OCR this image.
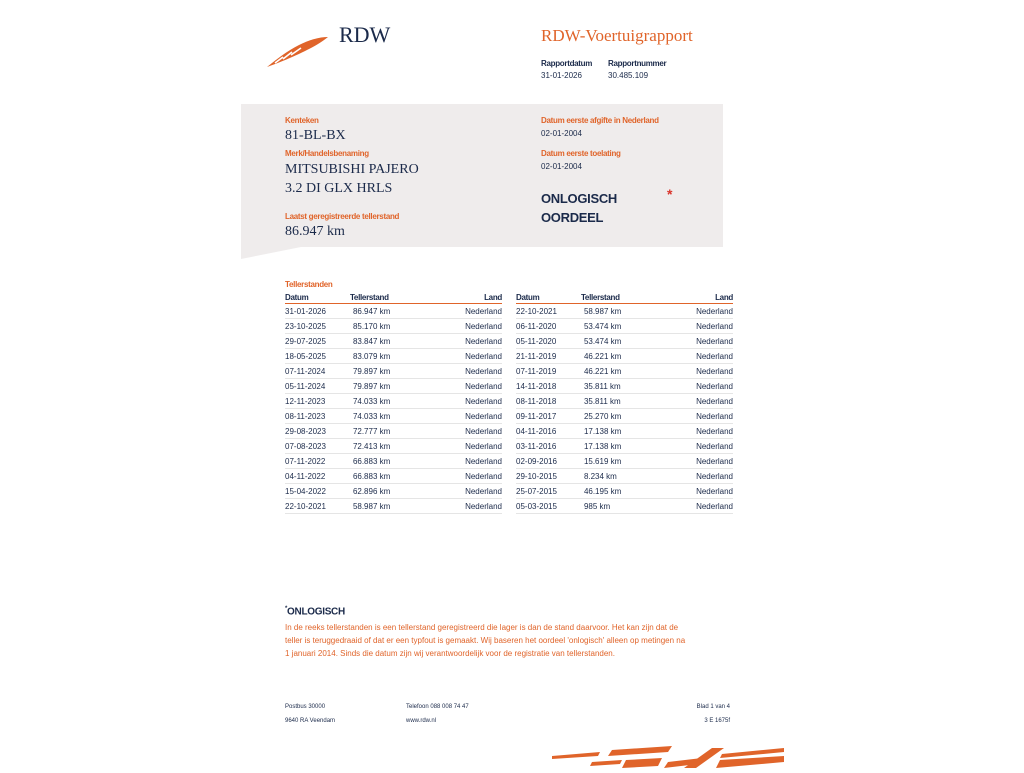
RDW	RDW-Voertuigrapport
Rapportdatum
31-01-2026
Rapportnummer
30.485.109
Kenteken
81-BL-BX
Merk/Handelsbenaming
MITSUBISHI PAJERO
3.2 DI GLX HRLS
Laatst geregistreerde tellerstand
86.947 km
Datum eerste afgifte in Nederland
02-01-2004
Datum eerste toelating
02-01-2004
ONLOGISCH
OORDEEL
*
Tellerstanden
Datum	Tellerstand	Land
31-01-2026	86.947 km	Nederland
23-10-2025	85.170 km	Nederland
29-07-2025	83.847 km	Nederland
18-05-2025	83.079 km	Nederland
07-11-2024	79.897 km	Nederland
05-11-2024	79.897 km	Nederland
12-11-2023	74.033 km	Nederland
08-11-2023	74.033 km	Nederland
29-08-2023	72.777 km	Nederland
07-08-2023	72.413 km	Nederland
07-11-2022	66.883 km	Nederland
04-11-2022	66.883 km	Nederland
15-04-2022	62.896 km	Nederland
22-10-2021	58.987 km	Nederland
Datum	Tellerstand	Land
22-10-2021	58.987 km	Nederland
06-11-2020	53.474 km	Nederland
05-11-2020	53.474 km	Nederland
21-11-2019	46.221 km	Nederland
07-11-2019	46.221 km	Nederland
14-11-2018	35.811 km	Nederland
08-11-2018	35.811 km	Nederland
09-11-2017	25.270 km	Nederland
04-11-2016	17.138 km	Nederland
03-11-2016	17.138 km	Nederland
02-09-2016	15.619 km	Nederland
29-10-2015	8.234 km	Nederland
25-07-2015	46.195 km	Nederland
05-03-2015	985 km	Nederland
*ONLOGISCH
In de reeks tellerstanden is een tellerstand geregistreerd die lager is dan de stand daarvoor. Het kan zijn dat de
teller is teruggedraaid of dat er een typfout is gemaakt. Wij baseren het oordeel 'onlogisch' alleen op metingen na
1 januari 2014. Sinds die datum zijn wij verantwoordelijk voor de registratie van tellerstanden.
Postbus 30000
9640 RA Veendam
Telefoon 088 008 74 47
www.rdw.nl
Blad 1 van 4
3 E 1675f
